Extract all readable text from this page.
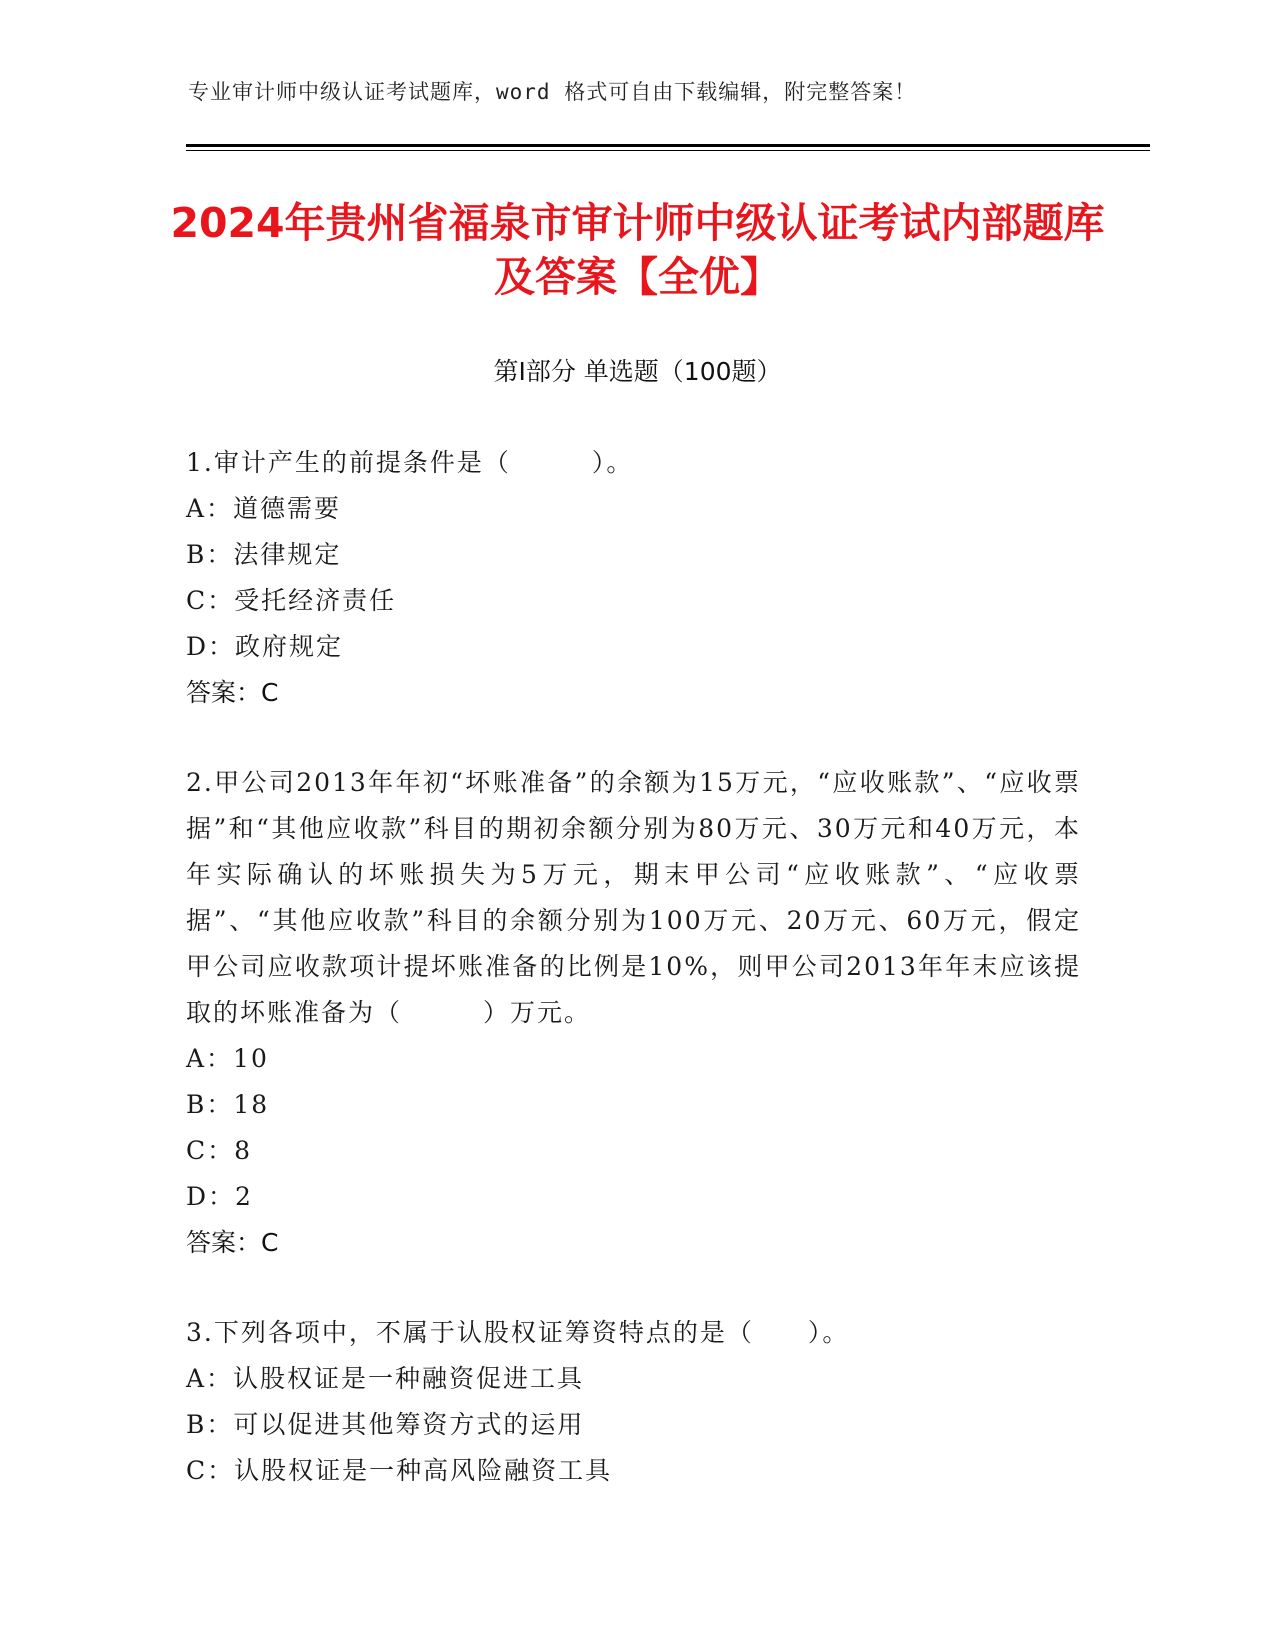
专业审计师中级认证考试题库，word 格式可自由下载编辑，附完整答案！
2024年贵州省福泉市审计师中级认证考试内部题库及答案【全优】
第Ⅰ部分 单选题（100题）
1.审计产生的前提条件是（　　　）。
A：道德需要
B：法律规定
C：受托经济责任
D：政府规定
答案：C
2.甲公司2013年年初“坏账准备”的余额为15万元，“应收账款”、“应收票据”和“其他应收款”科目的期初余额分别为80万元、30万元和40万元，本年实际确认的坏账损失为5万元，期末甲公司“应收账款”、“应收票据”、“其他应收款”科目的余额分别为100万元、20万元、60万元，假定甲公司应收款项计提坏账准备的比例是10%，则甲公司2013年年末应该提取的坏账准备为（　　　）万元。
A：10
B：18
C：8
D：2
答案：C
3.下列各项中，不属于认股权证筹资特点的是（　　）。
A：认股权证是一种融资促进工具
B：可以促进其他筹资方式的运用
C：认股权证是一种高风险融资工具
